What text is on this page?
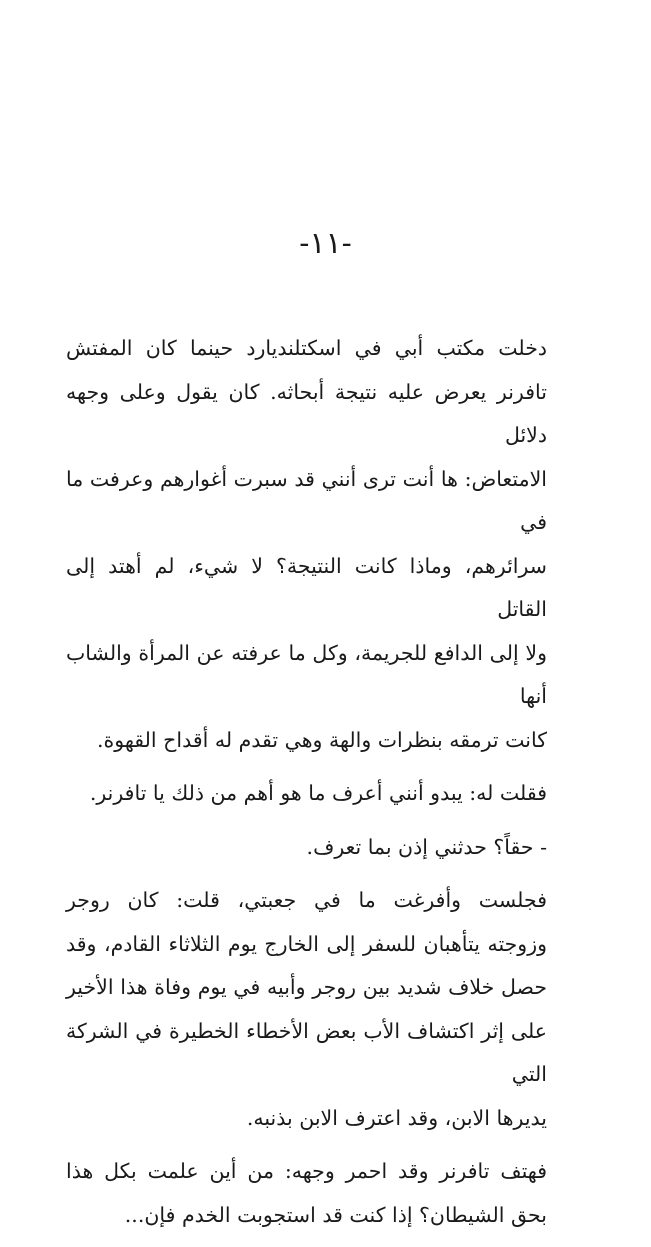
-١١-

دخلت مكتب أبي في اسكتلنديارد حينما كان المفتش
تافرنر يعرض عليه نتيجة أبحاثه. كان يقول وعلى وجهه دلائل
الامتعاض: ها أنت ترى أنني قد سبرت أغوارهم وعرفت ما في
سرائرهم، وماذا كانت النتيجة؟ لا شيء، لم أهتد إلى القاتل
ولا إلى الدافع للجريمة، وكل ما عرفته عن المرأة والشاب أنها
كانت ترمقه بنظرات والهة وهي تقدم له أقداح القهوة.

فقلت له: يبدو أنني أعرف ما هو أهم من ذلك يا تافرنر.

- حقاً؟ حدثني إذن بما تعرف.

فجلست وأفرغت ما في جعبتي، قلت: كان روجر
وزوجته يتأهبان للسفر إلى الخارج يوم الثلاثاء القادم، وقد
حصل خلاف شديد بين روجر وأبيه في يوم وفاة هذا الأخير
على إثر اكتشاف الأب بعض الأخطاء الخطيرة في الشركة التي
يديرها الابن، وقد اعترف الابن بذنبه.

فهتف تافرنر وقد احمر وجهه: من أين علمت بكل هذا
بحق الشيطان؟ إذا كنت قد استجوبت الخدم فإن...
